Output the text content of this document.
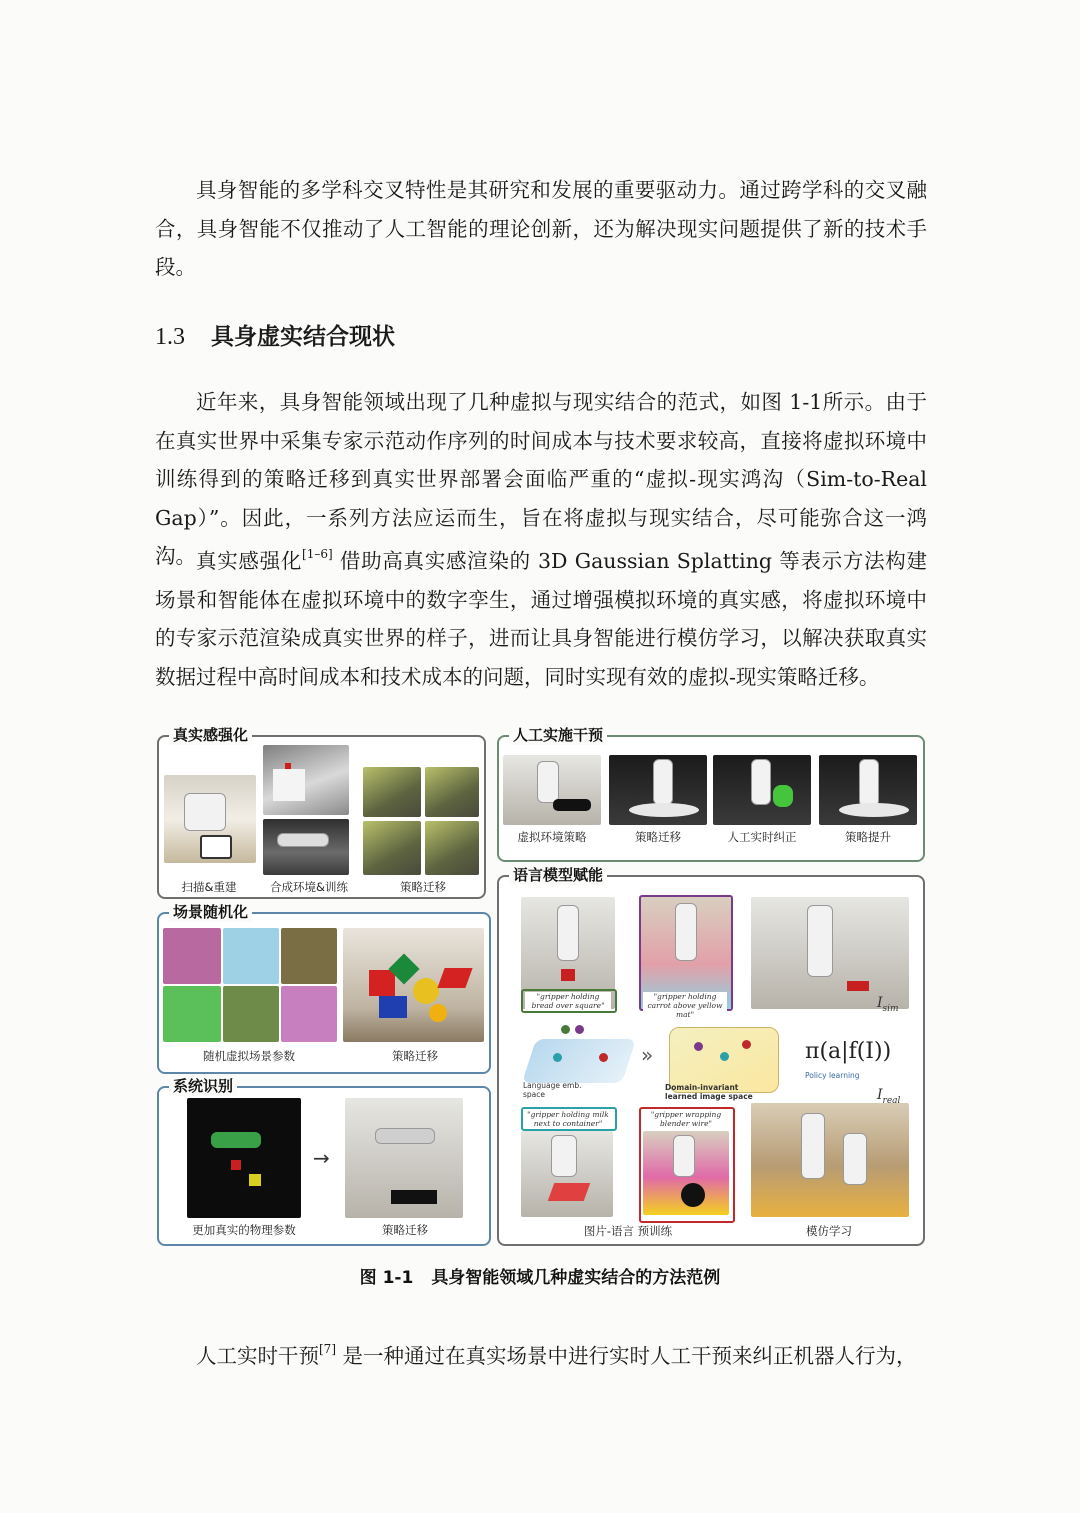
具身智能的多学科交叉特性是其研究和发展的重要驱动力。通过跨学科的交叉融合，具身智能不仅推动了人工智能的理论创新，还为解决现实问题提供了新的技术手段。

1.3 具身虚实结合现状

近年来，具身智能领域出现了几种虚拟与现实结合的范式，如图 1-1所示。由于在真实世界中采集专家示范动作序列的时间成本与技术要求较高，直接将虚拟环境中训练得到的策略迁移到真实世界部署会面临严重的“虚拟-现实鸿沟（Sim-to-Real Gap）”。因此，一系列方法应运而生，旨在将虚拟与现实结合，尽可能弥合这一鸿沟。 真实感强化[1–6] 借助高真实感渲染的 3D Gaussian Splatting 等表示方法构建场景和智能体在虚拟环境中的数字孪生，通过增强模拟环境的真实感，将虚拟环境中的专家示范渲染成真实世界的样子，进而让具身智能进行模仿学习，以解决获取真实数据过程中高时间成本和技术成本的问题，同时实现有效的虚拟-现实策略迁移。

真实感强化
扫描&重建	合成环境&训练	策略迁移
人工实施干预
虚拟环境策略	策略迁移	人工实时纠正	策略提升
场景随机化
随机虚拟场景参数	策略迁移
系统识别
→
更加真实的物理参数	策略迁移
语言模型赋能
"gripper holding bread over square"
"gripper holding carrot above yellow mat"
$I_{sim}$
Language emb. space
»
Domain-invariant learned image space
π(a|f(I))
Policy learning
"gripper holding milk next to container"
"gripper wrapping blender wire"
$I_{real}$
图片-语言 预训练	模仿学习
图 1-1 具身智能领域几种虚实结合的方法范例

人工实时干预[7] 是一种通过在真实场景中进行实时人工干预来纠正机器人行为，
